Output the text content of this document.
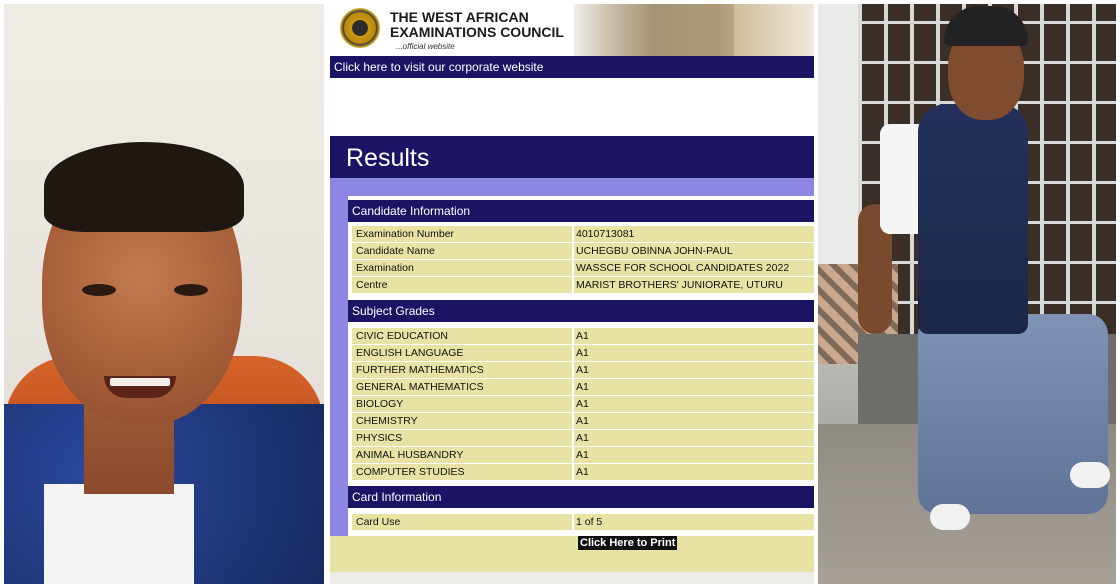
THE WEST AFRICAN EXAMINATIONS COUNCIL
...official website
Click here to visit our corporate website
Results
Candidate Information
Examination Number	4010713081
Candidate Name	UCHEGBU OBINNA JOHN-PAUL
Examination	WASSCE FOR SCHOOL CANDIDATES 2022
Centre	MARIST BROTHERS' JUNIORATE, UTURU
Subject Grades
CIVIC EDUCATION	A1
ENGLISH LANGUAGE	A1
FURTHER MATHEMATICS	A1
GENERAL MATHEMATICS	A1
BIOLOGY	A1
CHEMISTRY	A1
PHYSICS	A1
ANIMAL HUSBANDRY	A1
COMPUTER STUDIES	A1
Card Information
Card Use	1 of 5
Click Here to Print
